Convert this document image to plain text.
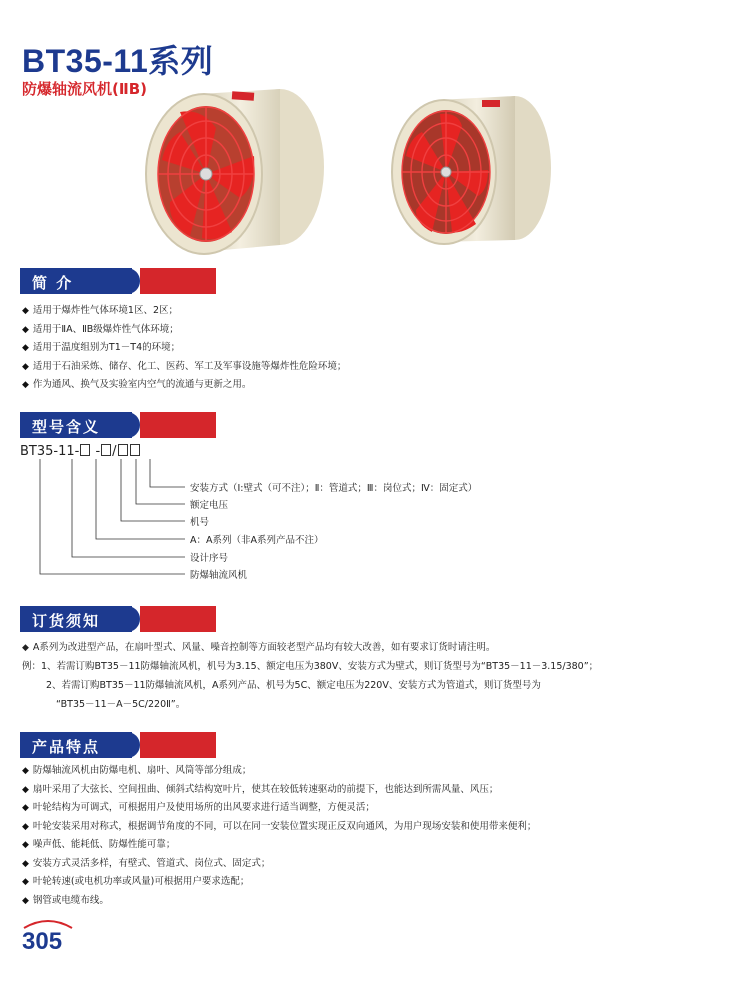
BT35-11系列
防爆轴流风机(ⅡB)
简 介
◆ 适用于爆炸性气体环境1区、2区；
◆ 适用于ⅡA、ⅡB级爆炸性气体环境；
◆ 适用于温度组别为T1－T4的环境；
◆ 适用于石油采炼、储存、化工、医药、军工及军事设施等爆炸性危险环境；
◆ 作为通风、换气及实验室内空气的流通与更新之用。
型号含义
BT35-11- - /
安装方式（Ⅰ:壁式（可不注）；Ⅱ：管道式；Ⅲ：岗位式；Ⅳ：固定式）
额定电压
机号
A：A系列（非A系列产品不注）
设计序号
防爆轴流风机
订货须知
◆ A系列为改进型产品，在扇叶型式、风量、噪音控制等方面较老型产品均有较大改善，如有要求订货时请注明。
例：1、若需订购BT35－11防爆轴流风机，机号为3.15、额定电压为380V、安装方式为壁式，则订货型号为“BT35－11－3.15/380”；
2、若需订购BT35－11防爆轴流风机，A系列产品、机号为5C、额定电压为220V、安装方式为管道式，则订货型号为
“BT35－11－A－5C/220Ⅱ”。
产品特点
◆ 防爆轴流风机由防爆电机、扇叶、风筒等部分组成；
◆ 扇叶采用了大弦长、空间扭曲、倾斜式结构宽叶片，使其在较低转速驱动的前提下，也能达到所需风量、风压；
◆ 叶轮结构为可调式，可根据用户及使用场所的出风要求进行适当调整，方便灵活；
◆ 叶轮安装采用对称式，根据调节角度的不同，可以在同一安装位置实现正反双向通风，为用户现场安装和使用带来便利；
◆ 噪声低、能耗低、防爆性能可靠；
◆ 安装方式灵活多样，有壁式、管道式、岗位式、固定式；
◆ 叶轮转速(或电机功率或风量)可根据用户要求选配；
◆ 钢管或电缆布线。
305
